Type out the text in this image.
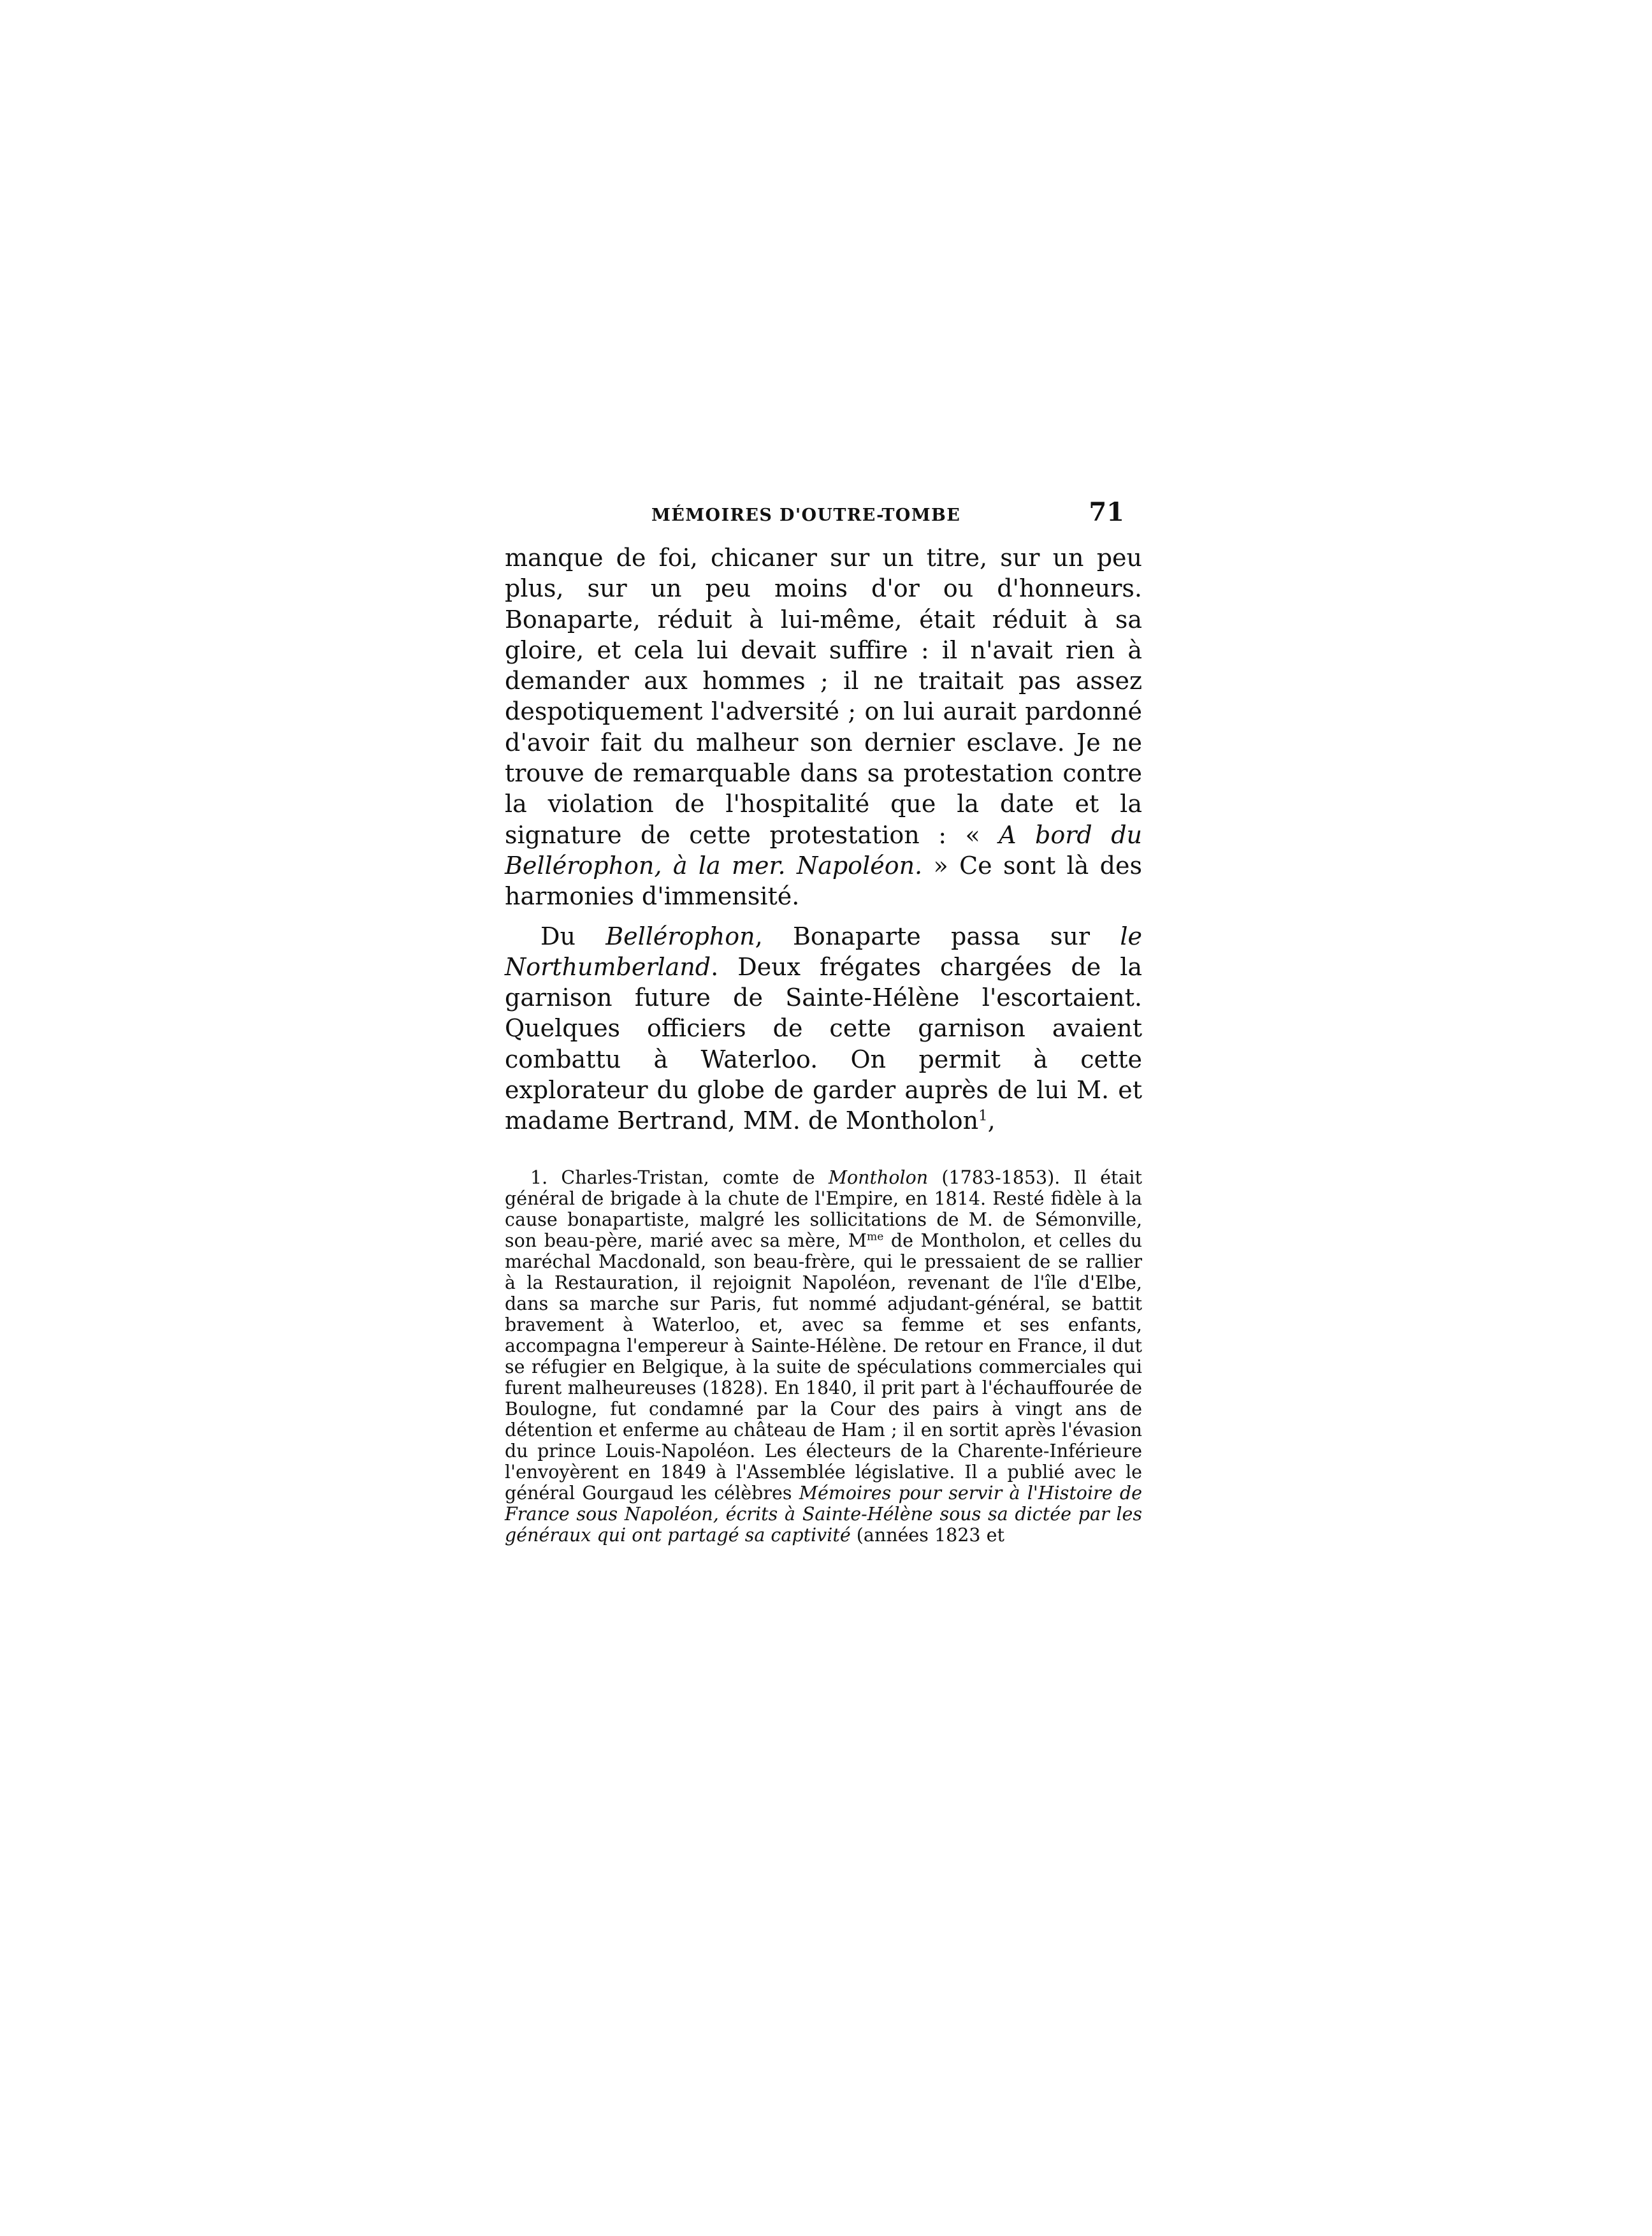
MÉMOIRES D'OUTRE-TOMBE	71

manque de foi, chicaner sur un titre, sur un peu plus, sur un peu moins d'or ou d'honneurs. Bonaparte, réduit à lui-même, était réduit à sa gloire, et cela lui devait suffire : il n'avait rien à demander aux hommes ; il ne traitait pas assez despotiquement l'adversité ; on lui aurait pardonné d'avoir fait du malheur son dernier esclave. Je ne trouve de remarquable dans sa protestation contre la violation de l'hospitalité que la date et la signature de cette protestation : « A bord du Bellérophon, à la mer. Napoléon. » Ce sont là des harmonies d'immensité.

Du Bellérophon, Bonaparte passa sur le Northumberland. Deux frégates chargées de la garnison future de Sainte-Hélène l'escortaient. Quelques officiers de cette garnison avaient combattu à Waterloo. On permit à cette explorateur du globe de garder auprès de lui M. et madame Bertrand, MM. de Montholon$^1$,

1. Charles-Tristan, comte de Montholon (1783-1853). Il était général de brigade à la chute de l'Empire, en 1814. Resté fidèle à la cause bonapartiste, malgré les sollicitations de M. de Sémonville, son beau-père, marié avec sa mère, $M^{me}$ de Montholon, et celles du maréchal Macdonald, son beau-frère, qui le pressaient de se rallier à la Restauration, il rejoignit Napoléon, revenant de l'île d'Elbe, dans sa marche sur Paris, fut nommé adjudant-général, se battit bravement à Waterloo, et, avec sa femme et ses enfants, accompagna l'empereur à Sainte-Hélène. De retour en France, il dut se réfugier en Belgique, à la suite de spéculations commerciales qui furent malheureuses (1828). En 1840, il prit part à l'échauffourée de Boulogne, fut condamné par la Cour des pairs à vingt ans de détention et enferme au château de Ham ; il en sortit après l'évasion du prince Louis-Napoléon. Les électeurs de la Charente-Inférieure l'envoyèrent en 1849 à l'Assemblée législative. Il a publié avec le général Gourgaud les célèbres Mémoires pour servir à l'Histoire de France sous Napoléon, écrits à Sainte-Hélène sous sa dictée par les généraux qui ont partagé sa captivité (années 1823 et
